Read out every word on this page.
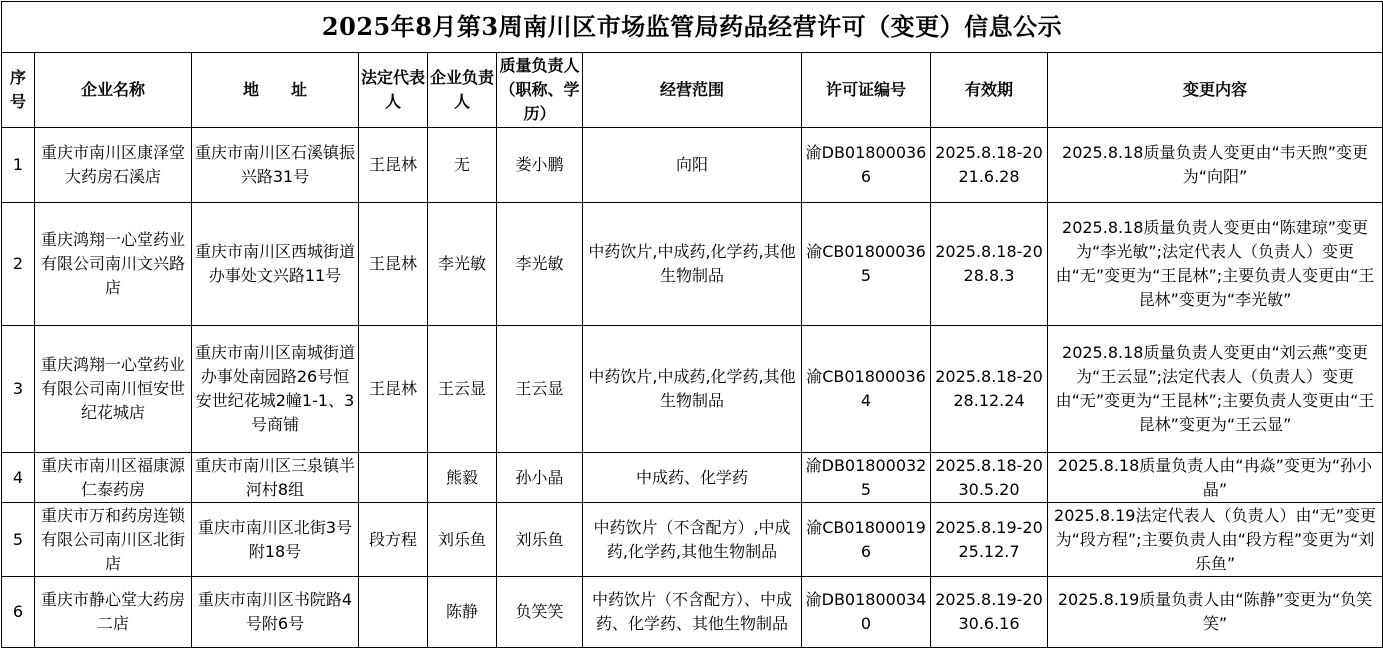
2025年8月第3周南川区市场监管局药品经营许可（变更）信息公示									
序号	企业名称	地　　址	法定代表人	企业负责人	质量负责人（职称、学历）	经营范围	许可证编号	有效期	变更内容
1	重庆市南川区康泽堂大药房石溪店	重庆市南川区石溪镇振兴路31号	王昆林	无	娄小鹏	向阳	渝DB018000366	2025.8.18-2021.6.28	2025.8.18质量负责人变更由“韦天煦”变更为“向阳”
2	重庆鸿翔一心堂药业有限公司南川文兴路店	重庆市南川区西城街道办事处文兴路11号	王昆林	李光敏	李光敏	中药饮片,中成药,化学药,其他生物制品	渝CB018000365	2025.8.18-2028.8.3	2025.8.18质量负责人变更由“陈建琼”变更为“李光敏”;法定代表人（负责人）变更由“无”变更为“王昆林”;主要负责人变更由“王昆林”变更为“李光敏”
3	重庆鸿翔一心堂药业有限公司南川恒安世纪花城店	重庆市南川区南城街道办事处南园路26号恒安世纪花城2幢1-1、3号商铺	王昆林	王云显	王云显	中药饮片,中成药,化学药,其他生物制品	渝CB018000364	2025.8.18-2028.12.24	2025.8.18质量负责人变更由“刘云燕”变更为“王云显”;法定代表人（负责人）变更由“无”变更为“王昆林”;主要负责人变更由“王昆林”变更为“王云显”
4	重庆市南川区福康源仁泰药房	重庆市南川区三泉镇半河村8组		熊毅	孙小晶	中成药、化学药	渝DB018000325	2025.8.18-2030.5.20	2025.8.18质量负责人由“冉焱”变更为“孙小晶”
5	重庆市万和药房连锁有限公司南川区北街店	重庆市南川区北街3号附18号	段方程	刘乐鱼	刘乐鱼	中药饮片（不含配方）,中成药,化学药,其他生物制品	渝CB018000196	2025.8.19-2025.12.7	2025.8.19法定代表人（负责人）由“无”变更为“段方程”;主要负责人由“段方程”变更为“刘乐鱼”
6	重庆市静心堂大药房二店	重庆市南川区书院路4号附6号		陈静	负笑笑	中药饮片（不含配方）、中成药、化学药、其他生物制品	渝DB018000340	2025.8.19-2030.6.16	2025.8.19质量负责人由“陈静”变更为“负笑笑”
